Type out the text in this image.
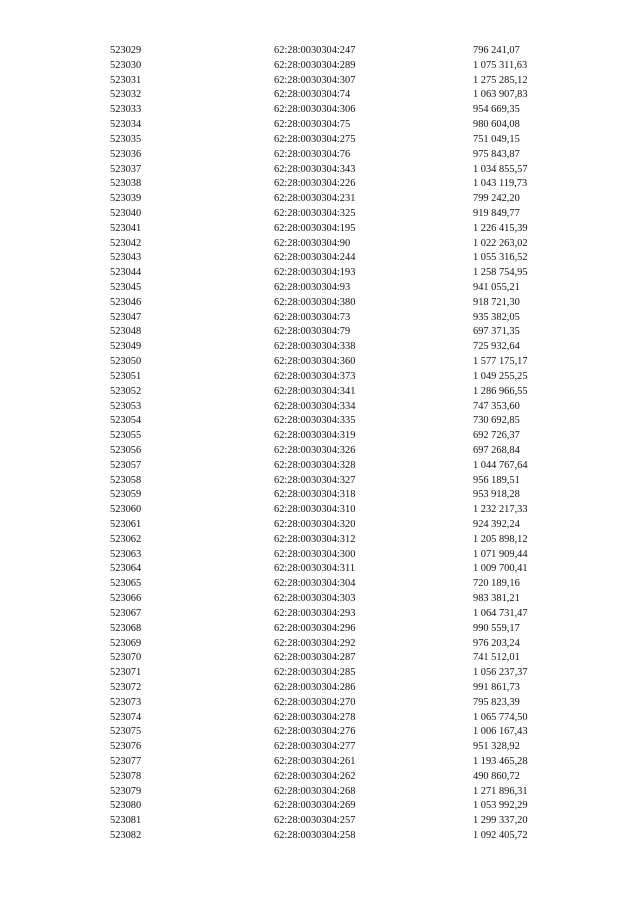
523029	62:28:0030304:247	796 241,07
523030	62:28:0030304:289	1 075 311,63
523031	62:28:0030304:307	1 275 285,12
523032	62:28:0030304:74	1 063 907,83
523033	62:28:0030304:306	954 669,35
523034	62:28:0030304:75	980 604,08
523035	62:28:0030304:275	751 049,15
523036	62:28:0030304:76	975 843,87
523037	62:28:0030304:343	1 034 855,57
523038	62:28:0030304:226	1 043 119,73
523039	62:28:0030304:231	799 242,20
523040	62:28:0030304:325	919 849,77
523041	62:28:0030304:195	1 226 415,39
523042	62:28:0030304:90	1 022 263,02
523043	62:28:0030304:244	1 055 316,52
523044	62:28:0030304:193	1 258 754,95
523045	62:28:0030304:93	941 055,21
523046	62:28:0030304:380	918 721,30
523047	62:28:0030304:73	935 382,05
523048	62:28:0030304:79	697 371,35
523049	62:28:0030304:338	725 932,64
523050	62:28:0030304:360	1 577 175,17
523051	62:28:0030304:373	1 049 255,25
523052	62:28:0030304:341	1 286 966,55
523053	62:28:0030304:334	747 353,60
523054	62:28:0030304:335	730 692,85
523055	62:28:0030304:319	692 726,37
523056	62:28:0030304:326	697 268,84
523057	62:28:0030304:328	1 044 767,64
523058	62:28:0030304:327	956 189,51
523059	62:28:0030304:318	953 918,28
523060	62:28:0030304:310	1 232 217,33
523061	62:28:0030304:320	924 392,24
523062	62:28:0030304:312	1 205 898,12
523063	62:28:0030304:300	1 071 909,44
523064	62:28:0030304:311	1 009 700,41
523065	62:28:0030304:304	720 189,16
523066	62:28:0030304:303	983 381,21
523067	62:28:0030304:293	1 064 731,47
523068	62:28:0030304:296	990 559,17
523069	62:28:0030304:292	976 203,24
523070	62:28:0030304:287	741 512,01
523071	62:28:0030304:285	1 056 237,37
523072	62:28:0030304:286	991 861,73
523073	62:28:0030304:270	795 823,39
523074	62:28:0030304:278	1 065 774,50
523075	62:28:0030304:276	1 006 167,43
523076	62:28:0030304:277	951 328,92
523077	62:28:0030304:261	1 193 465,28
523078	62:28:0030304:262	490 860,72
523079	62:28:0030304:268	1 271 896,31
523080	62:28:0030304:269	1 053 992,29
523081	62:28:0030304:257	1 299 337,20
523082	62:28:0030304:258	1 092 405,72
